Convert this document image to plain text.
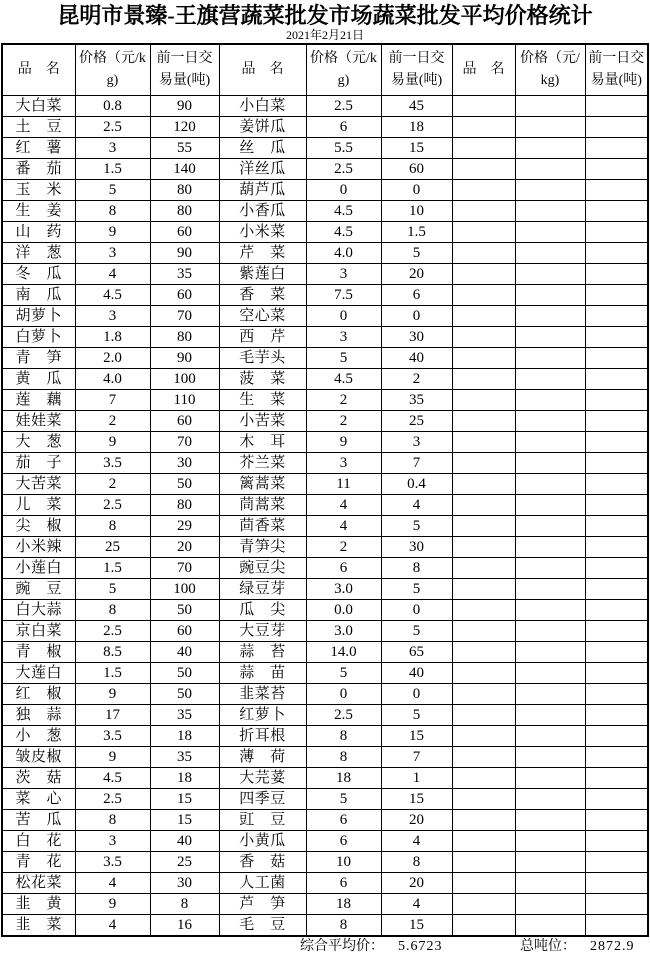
昆明市景臻-王旗营蔬菜批发市场蔬菜批发平均价格统计
2021年2月21日
品　名	价格（元/kg)	前一日交易量(吨)	品　名	价格（元/kg)	前一日交易量(吨)	品　名	价格（元/kg)	前一日交易量(吨)
大白菜	0.8	90	小白菜	2.5	45			
土　豆	2.5	120	姜饼瓜	6	18			
红　薯	3	55	丝　瓜	5.5	15			
番　茄	1.5	140	洋丝瓜	2.5	60			
玉　米	5	80	葫芦瓜	0	0			
生　姜	8	80	小香瓜	4.5	10			
山　药	9	60	小米菜	4.5	1.5			
洋　葱	3	90	芹　菜	4.0	5			
冬　瓜	4	35	紫莲白	3	20			
南　瓜	4.5	60	香　菜	7.5	6			
胡萝卜	3	70	空心菜	0	0			
白萝卜	1.8	80	西　芹	3	30			
青　笋	2.0	90	毛芋头	5	40			
黄　瓜	4.0	100	菠　菜	4.5	2			
莲　藕	7	110	生　菜	2	35			
娃娃菜	2	60	小苦菜	2	25			
大　葱	9	70	木　耳	9	3			
茄　子	3.5	30	芥兰菜	3	7			
大苦菜	2	50	篱蒿菜	11	0.4			
儿　菜	2.5	80	茼蒿菜	4	4			
尖　椒	8	29	茴香菜	4	5			
小米辣	25	20	青笋尖	2	30			
小莲白	1.5	70	豌豆尖	6	8			
豌　豆	5	100	绿豆芽	3.0	5			
白大蒜	8	50	瓜　尖	0.0	0			
京白菜	2.5	60	大豆芽	3.0	5			
青　椒	8.5	40	蒜　苔	14.0	65			
大莲白	1.5	50	蒜　苗	5	40			
红　椒	9	50	韭菜苔	0	0			
独　蒜	17	35	红萝卜	2.5	5			
小　葱	3.5	18	折耳根	8	15			
皱皮椒	9	35	薄　荷	8	7			
茨　菇	4.5	18	大芫荽	18	1			
菜　心	2.5	15	四季豆	5	15			
苦　瓜	8	15	豇　豆	6	20			
白　花	3	40	小黄瓜	6	4			
青　花	3.5	25	香　菇	10	8			
松花菜	4	30	人工菌	6	20			
韭　黄	9	8	芦　笋	18	4			
韭　菜	4	16	毛　豆	8	15			
综合平均价： 5.6723	总吨位： 2872.9
